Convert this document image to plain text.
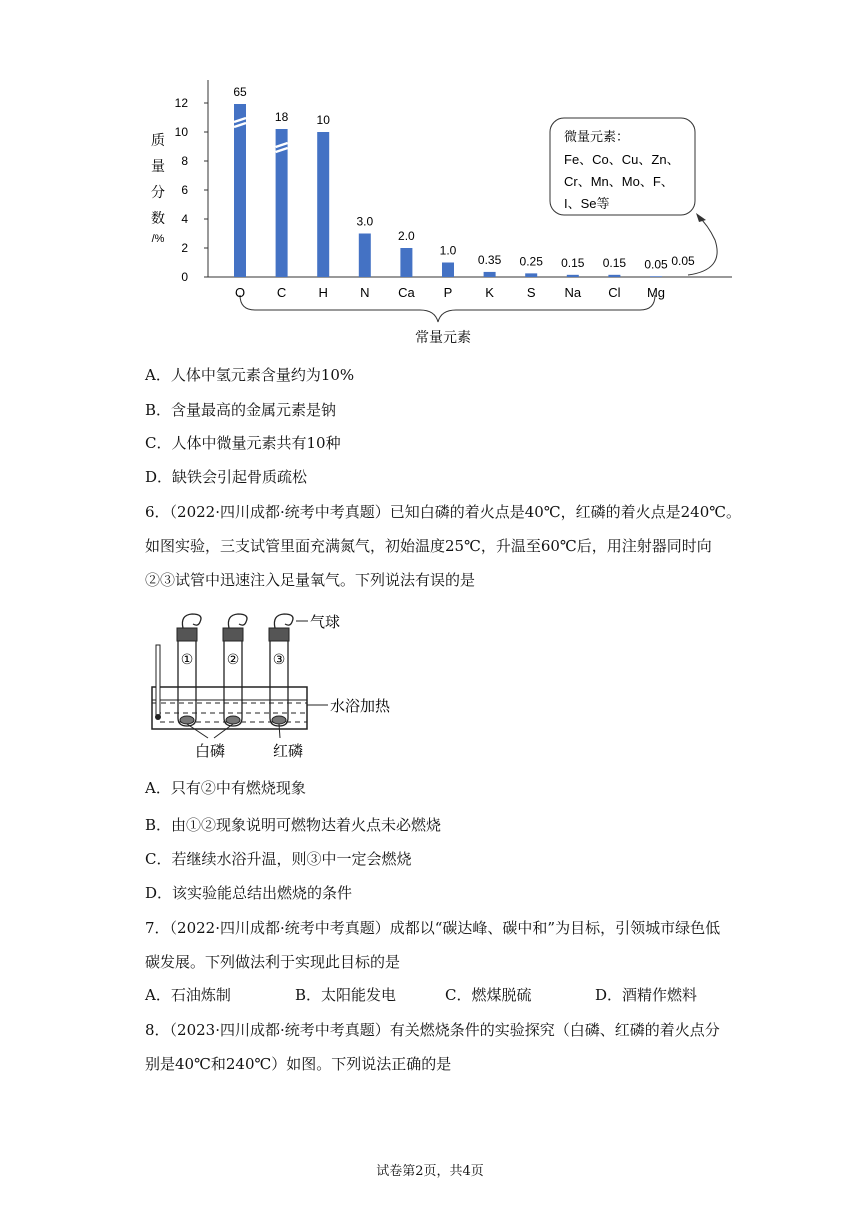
常量元素
质
量
分
数
/%
微量元素：
Fe、Co、Cu、Zn、
Cr、Mn、Mo、F、
I、Se等
0.05
0
2
4
6
8
10
12
65
O
18
C
10
H
3.0
N
2.0
Ca
1.0
P
0.35
K
0.25
S
0.15
Na
0.15
Cl
0.05
Mg
A．人体中氢元素含量约为10%
B．含量最高的金属元素是钠
C．人体中微量元素共有10种
D．缺铁会引起骨质疏松
6．（2022·四川成都·统考中考真题）已知白磷的着火点是40℃，红磷的着火点是240℃。
如图实验，三支试管里面充满氮气，初始温度25℃，升温至60℃后，用注射器同时向
②③试管中迅速注入足量氧气。下列说法有误的是
① ② ③
气球
水浴加热
白磷	红磷
A．只有②中有燃烧现象
B．由①②现象说明可燃物达着火点未必燃烧
C．若继续水浴升温，则③中一定会燃烧
D．该实验能总结出燃烧的条件
7．（2022·四川成都·统考中考真题）成都以“碳达峰、碳中和”为目标，引领城市绿色低
碳发展。下列做法利于实现此目标的是
A．石油炼制	B．太阳能发电	C．燃煤脱硫	D．酒精作燃料
8．（2023·四川成都·统考中考真题）有关燃烧条件的实验探究（白磷、红磷的着火点分
别是40℃和240℃）如图。下列说法正确的是
试卷第2页，共4页
